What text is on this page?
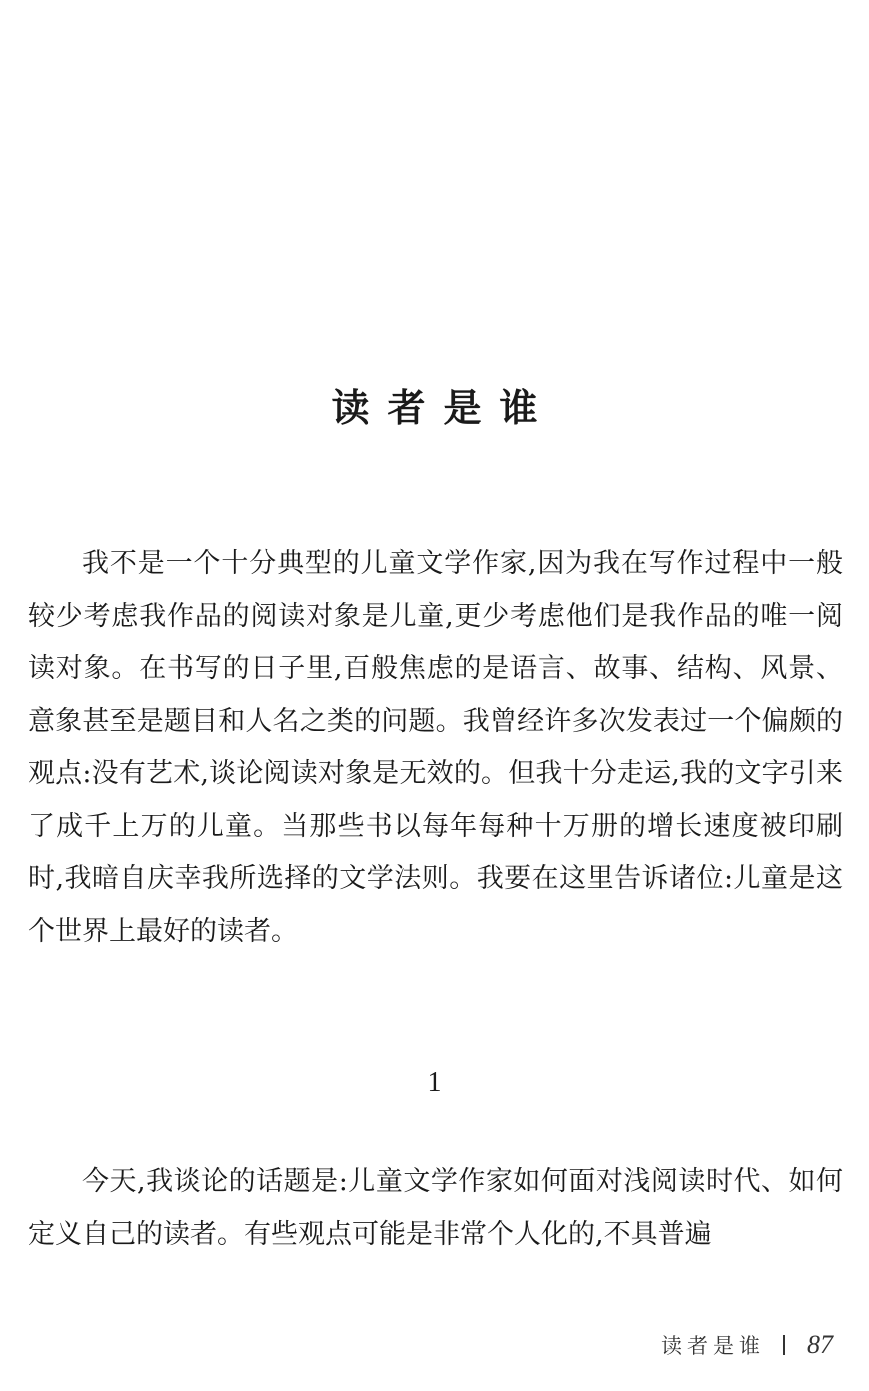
读者是谁

我不是一个十分典型的儿童文学作家,因为我在写作过程中一般较少考虑我作品的阅读对象是儿童,更少考虑他们是我作品的唯一阅读对象。在书写的日子里,百般焦虑的是语言、故事、结构、风景、意象甚至是题目和人名之类的问题。我曾经许多次发表过一个偏颇的观点:没有艺术,谈论阅读对象是无效的。但我十分走运,我的文字引来了成千上万的儿童。当那些书以每年每种十万册的增长速度被印刷时,我暗自庆幸我所选择的文学法则。我要在这里告诉诸位:儿童是这个世界上最好的读者。

1

今天,我谈论的话题是:儿童文学作家如何面对浅阅读时代、如何定义自己的读者。有些观点可能是非常个人化的,不具普遍

读者是谁 87
